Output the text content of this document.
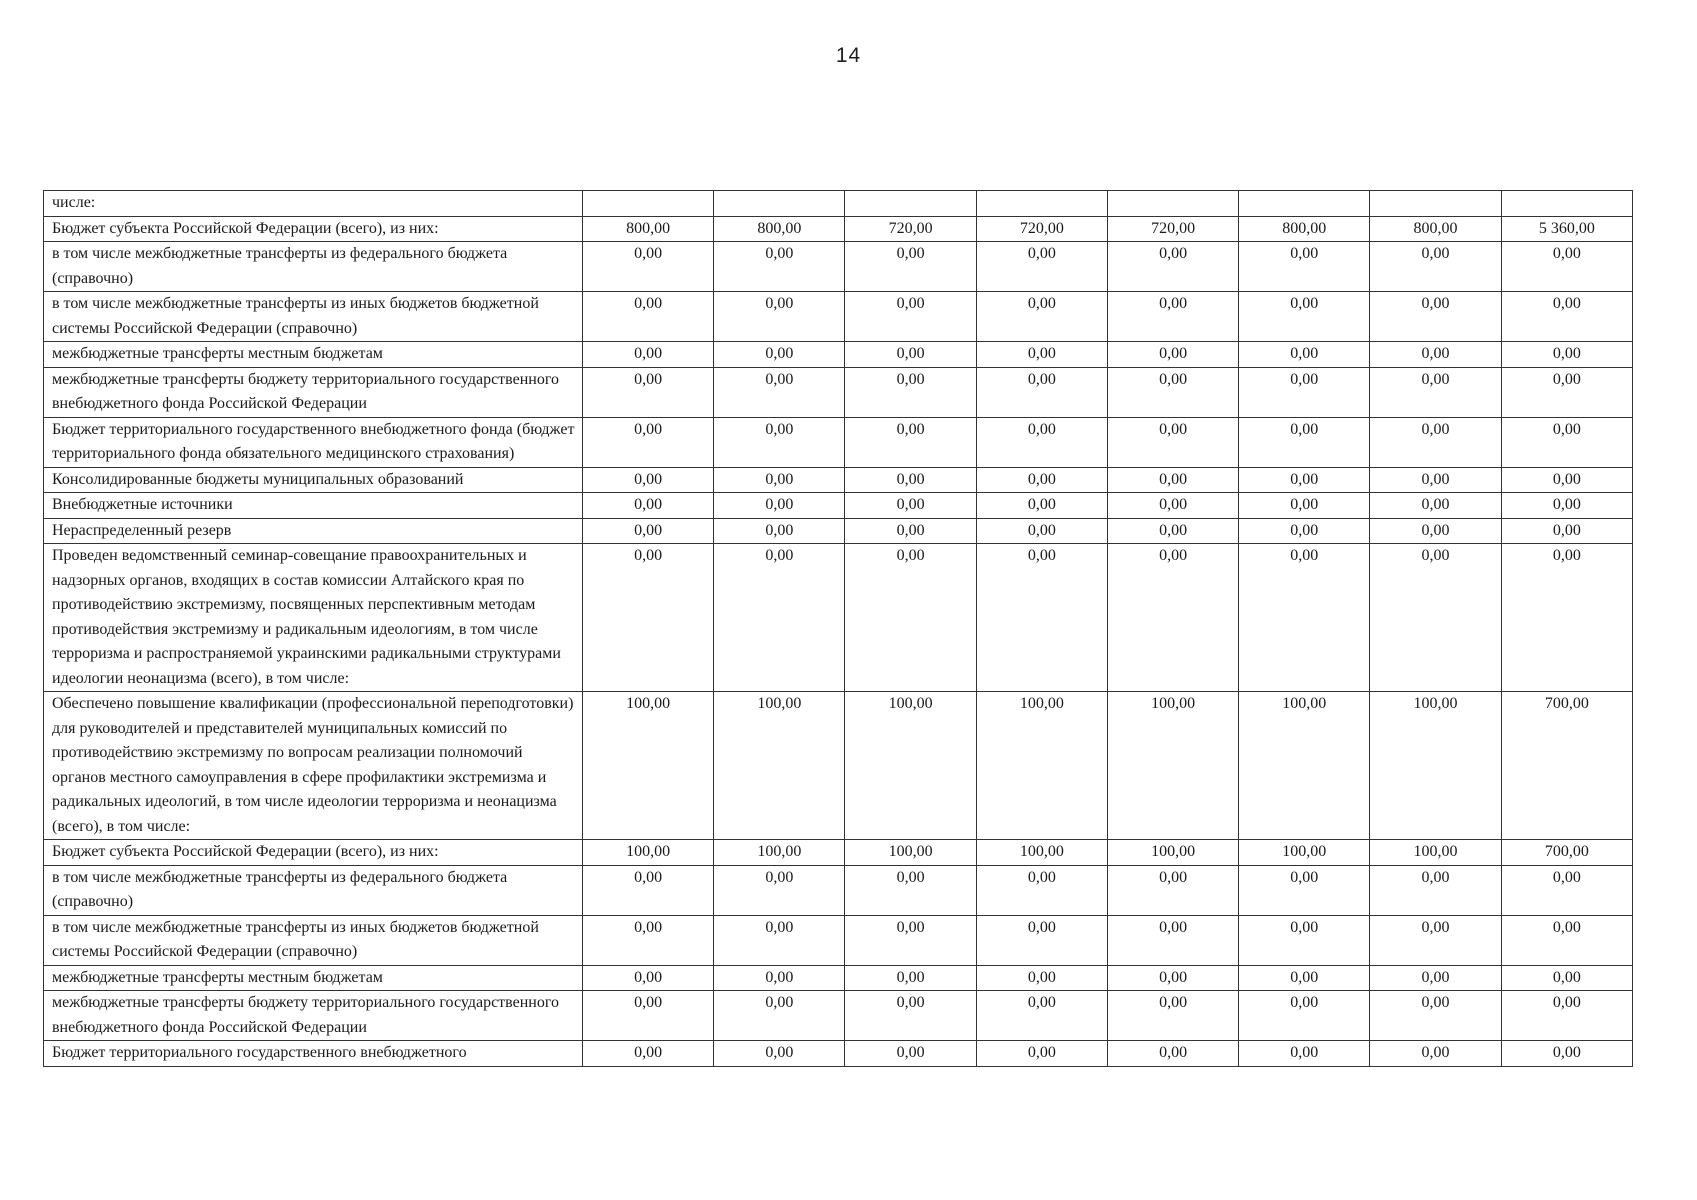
14
числе:								
Бюджет субъекта Российской Федерации (всего), из них:	800,00	800,00	720,00	720,00	720,00	800,00	800,00	5 360,00
в том числе межбюджетные трансферты из федерального бюджета (справочно)	0,00	0,00	0,00	0,00	0,00	0,00	0,00	0,00
в том числе межбюджетные трансферты из иных бюджетов бюджетной системы Российской Федерации (справочно)	0,00	0,00	0,00	0,00	0,00	0,00	0,00	0,00
межбюджетные трансферты местным бюджетам	0,00	0,00	0,00	0,00	0,00	0,00	0,00	0,00
межбюджетные трансферты бюджету территориального государственного внебюджетного фонда Российской Федерации	0,00	0,00	0,00	0,00	0,00	0,00	0,00	0,00
Бюджет территориального государственного внебюджетного фонда (бюджет территориального фонда обязательного медицинского страхования)	0,00	0,00	0,00	0,00	0,00	0,00	0,00	0,00
Консолидированные бюджеты муниципальных образований	0,00	0,00	0,00	0,00	0,00	0,00	0,00	0,00
Внебюджетные источники	0,00	0,00	0,00	0,00	0,00	0,00	0,00	0,00
Нераспределенный резерв	0,00	0,00	0,00	0,00	0,00	0,00	0,00	0,00
Проведен ведомственный семинар-совещание правоохранительных и надзорных органов, входящих в состав комиссии Алтайского края по противодействию экстремизму, посвященных перспективным методам противодействия экстремизму и радикальным идеологиям, в том числе терроризма и распространяемой украинскими радикальными структурами идеологии неонацизма (всего), в том числе:	0,00	0,00	0,00	0,00	0,00	0,00	0,00	0,00
Обеспечено повышение квалификации (профессиональной переподготовки) для руководителей и представителей муниципальных комиссий по противодействию экстремизму по вопросам реализации полномочий органов местного самоуправления в сфере профилактики экстремизма и радикальных идеологий, в том числе идеологии терроризма и неонацизма (всего), в том числе:	100,00	100,00	100,00	100,00	100,00	100,00	100,00	700,00
Бюджет субъекта Российской Федерации (всего), из них:	100,00	100,00	100,00	100,00	100,00	100,00	100,00	700,00
в том числе межбюджетные трансферты из федерального бюджета (справочно)	0,00	0,00	0,00	0,00	0,00	0,00	0,00	0,00
в том числе межбюджетные трансферты из иных бюджетов бюджетной системы Российской Федерации (справочно)	0,00	0,00	0,00	0,00	0,00	0,00	0,00	0,00
межбюджетные трансферты местным бюджетам	0,00	0,00	0,00	0,00	0,00	0,00	0,00	0,00
межбюджетные трансферты бюджету территориального государственного внебюджетного фонда Российской Федерации	0,00	0,00	0,00	0,00	0,00	0,00	0,00	0,00
Бюджет территориального государственного внебюджетного	0,00	0,00	0,00	0,00	0,00	0,00	0,00	0,00
